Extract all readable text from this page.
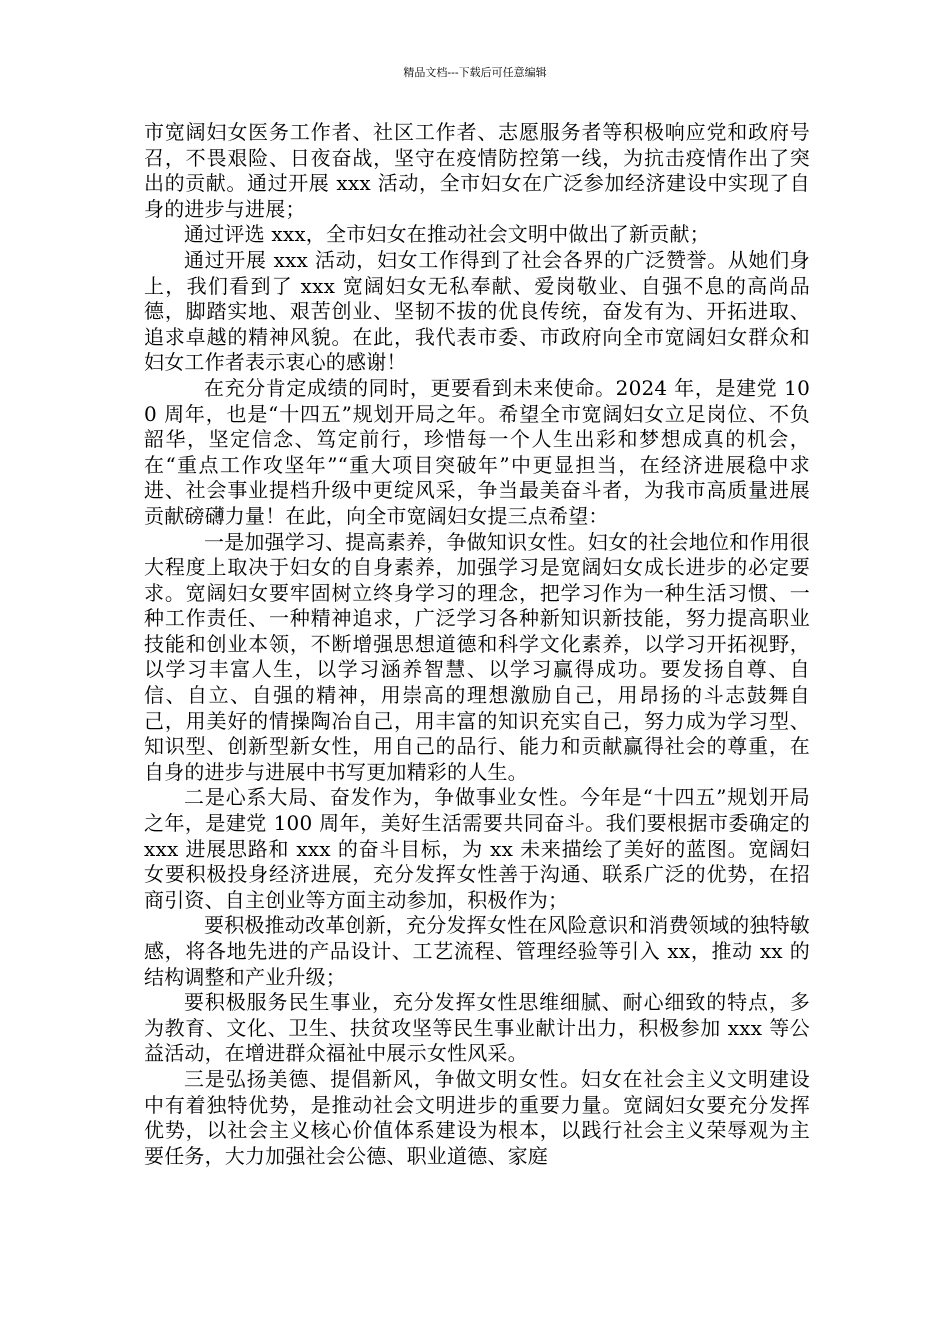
精品文档---下载后可任意编辑

市宽阔妇女医务工作者、社区工作者、志愿服务者等积极响应党和政府号召，不畏艰险、日夜奋战，坚守在疫情防控第一线，为抗击疫情作出了突出的贡献。通过开展 xxx 活动，全市妇女在广泛参加经济建设中实现了自身的进步与进展；

通过评选 xxx，全市妇女在推动社会文明中做出了新贡献；

通过开展 xxx 活动，妇女工作得到了社会各界的广泛赞誉。从她们身上，我们看到了 xxx 宽阔妇女无私奉献、爱岗敬业、自强不息的高尚品德，脚踏实地、艰苦创业、坚韧不拔的优良传统，奋发有为、开拓进取、追求卓越的精神风貌。在此，我代表市委、市政府向全市宽阔妇女群众和妇女工作者表示衷心的感谢！

在充分肯定成绩的同时，更要看到未来使命。2024 年，是建党 100 周年，也是“十四五”规划开局之年。希望全市宽阔妇女立足岗位、不负韶华，坚定信念、笃定前行，珍惜每一个人生出彩和梦想成真的机会，在“重点工作攻坚年”“重大项目突破年”中更显担当，在经济进展稳中求进、社会事业提档升级中更绽风采，争当最美奋斗者，为我市高质量进展贡献磅礴力量！在此，向全市宽阔妇女提三点希望：

一是加强学习、提高素养，争做知识女性。妇女的社会地位和作用很大程度上取决于妇女的自身素养，加强学习是宽阔妇女成长进步的必定要求。宽阔妇女要牢固树立终身学习的理念，把学习作为一种生活习惯、一种工作责任、一种精神追求，广泛学习各种新知识新技能，努力提高职业技能和创业本领，不断增强思想道德和科学文化素养，以学习开拓视野，以学习丰富人生，以学习涵养智慧、以学习赢得成功。要发扬自尊、自信、自立、自强的精神，用崇高的理想激励自己，用昂扬的斗志鼓舞自己，用美好的情操陶冶自己，用丰富的知识充实自己，努力成为学习型、知识型、创新型新女性，用自己的品行、能力和贡献赢得社会的尊重，在自身的进步与进展中书写更加精彩的人生。

二是心系大局、奋发作为，争做事业女性。今年是“十四五”规划开局之年，是建党 100 周年，美好生活需要共同奋斗。我们要根据市委确定的 xxx 进展思路和 xxx 的奋斗目标，为 xx 未来描绘了美好的蓝图。宽阔妇女要积极投身经济进展，充分发挥女性善于沟通、联系广泛的优势，在招商引资、自主创业等方面主动参加，积极作为；

要积极推动改革创新，充分发挥女性在风险意识和消费领域的独特敏感，将各地先进的产品设计、工艺流程、管理经验等引入 xx，推动 xx 的结构调整和产业升级；

要积极服务民生事业，充分发挥女性思维细腻、耐心细致的特点，多为教育、文化、卫生、扶贫攻坚等民生事业献计出力，积极参加 xxx 等公益活动，在增进群众福祉中展示女性风采。

三是弘扬美德、提倡新风，争做文明女性。妇女在社会主义文明建设中有着独特优势，是推动社会文明进步的重要力量。宽阔妇女要充分发挥优势，以社会主义核心价值体系建设为根本，以践行社会主义荣辱观为主要任务，大力加强社会公德、职业道德、家庭
